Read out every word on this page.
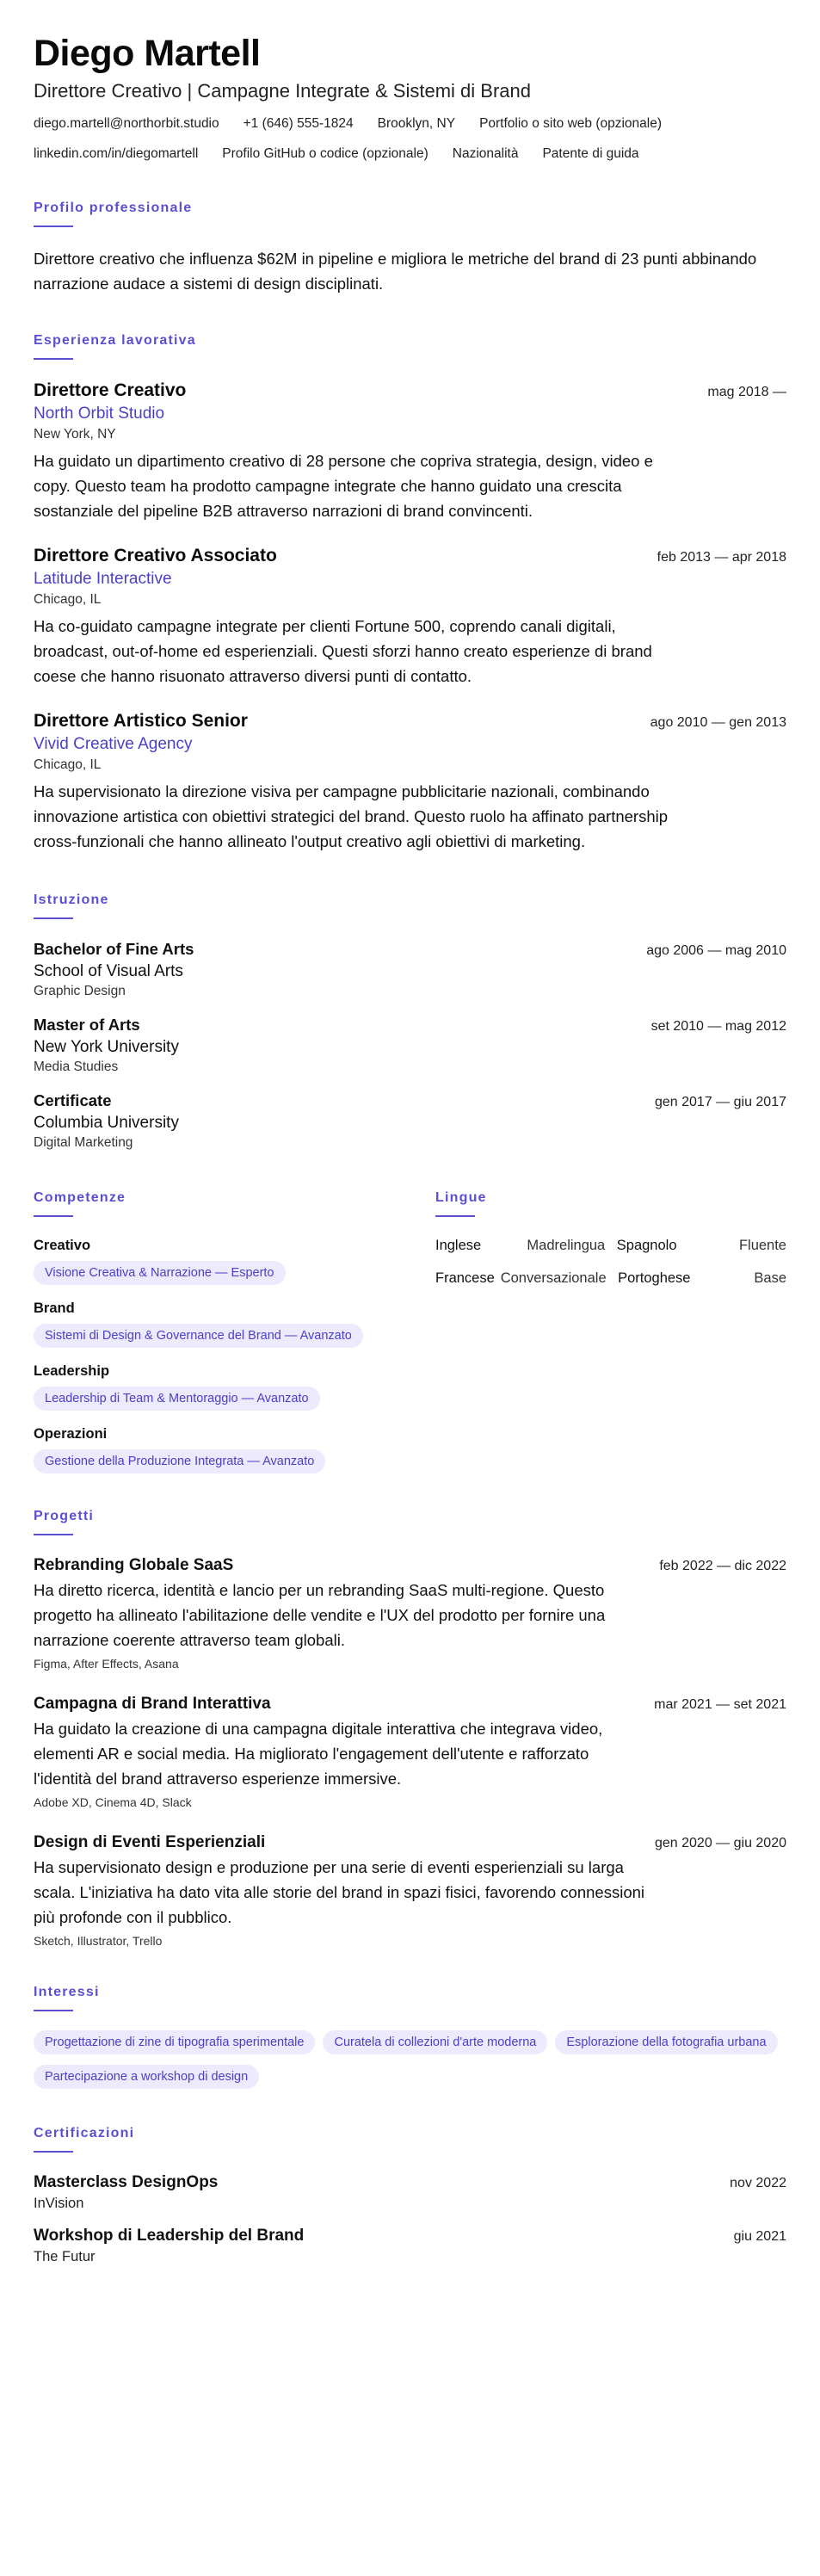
Diego Martell
Direttore Creativo | Campagne Integrate & Sistemi di Brand
diego.martell@northorbit.studio +1 (646) 555-1824 Brooklyn, NY Portfolio o sito web (opzionale)
linkedin.com/in/diegomartell Profilo GitHub o codice (opzionale) Nazionalità Patente di guida
Profilo professionale
Direttore creativo che influenza $62M in pipeline e migliora le metriche del brand di 23 punti abbinando narrazione audace a sistemi di design disciplinati.
Esperienza lavorativa
Direttore Creativo	mag 2018 —
North Orbit Studio
New York, NY
Ha guidato un dipartimento creativo di 28 persone che copriva strategia, design, video e copy. Questo team ha prodotto campagne integrate che hanno guidato una crescita sostanziale del pipeline B2B attraverso narrazioni di brand convincenti.
Direttore Creativo Associato	feb 2013 — apr 2018
Latitude Interactive
Chicago, IL
Ha co-guidato campagne integrate per clienti Fortune 500, coprendo canali digitali, broadcast, out-of-home ed esperienziali. Questi sforzi hanno creato esperienze di brand coese che hanno risuonato attraverso diversi punti di contatto.
Direttore Artistico Senior	ago 2010 — gen 2013
Vivid Creative Agency
Chicago, IL
Ha supervisionato la direzione visiva per campagne pubblicitarie nazionali, combinando innovazione artistica con obiettivi strategici del brand. Questo ruolo ha affinato partnership cross-funzionali che hanno allineato l'output creativo agli obiettivi di marketing.
Istruzione
Bachelor of Fine Arts	ago 2006 — mag 2010
School of Visual Arts
Graphic Design
Master of Arts	set 2010 — mag 2012
New York University
Media Studies
Certificate	gen 2017 — giu 2017
Columbia University
Digital Marketing
Competenze
Creativo
Visione Creativa & Narrazione — Esperto
Brand
Sistemi di Design & Governance del Brand — Avanzato
Leadership
Leadership di Team & Mentoraggio — Avanzato
Operazioni
Gestione della Produzione Integrata — Avanzato
Lingue
Inglese	Madrelingua Spagnolo	Fluente
Francese Conversazionale Portoghese	Base
Progetti
Rebranding Globale SaaS	feb 2022 — dic 2022
Ha diretto ricerca, identità e lancio per un rebranding SaaS multi-regione. Questo progetto ha allineato l'abilitazione delle vendite e l'UX del prodotto per fornire una narrazione coerente attraverso team globali.
Figma, After Effects, Asana
Campagna di Brand Interattiva	mar 2021 — set 2021
Ha guidato la creazione di una campagna digitale interattiva che integrava video, elementi AR e social media. Ha migliorato l'engagement dell'utente e rafforzato l'identità del brand attraverso esperienze immersive.
Adobe XD, Cinema 4D, Slack
Design di Eventi Esperienziali	gen 2020 — giu 2020
Ha supervisionato design e produzione per una serie di eventi esperienziali su larga scala. L'iniziativa ha dato vita alle storie del brand in spazi fisici, favorendo connessioni più profonde con il pubblico.
Sketch, Illustrator, Trello
Interessi
Progettazione di zine di tipografia sperimentale	Curatela di collezioni d'arte moderna	Esplorazione della fotografia urbana
Partecipazione a workshop di design
Certificazioni
Masterclass DesignOps	nov 2022
InVision
Workshop di Leadership del Brand	giu 2021
The Futur
